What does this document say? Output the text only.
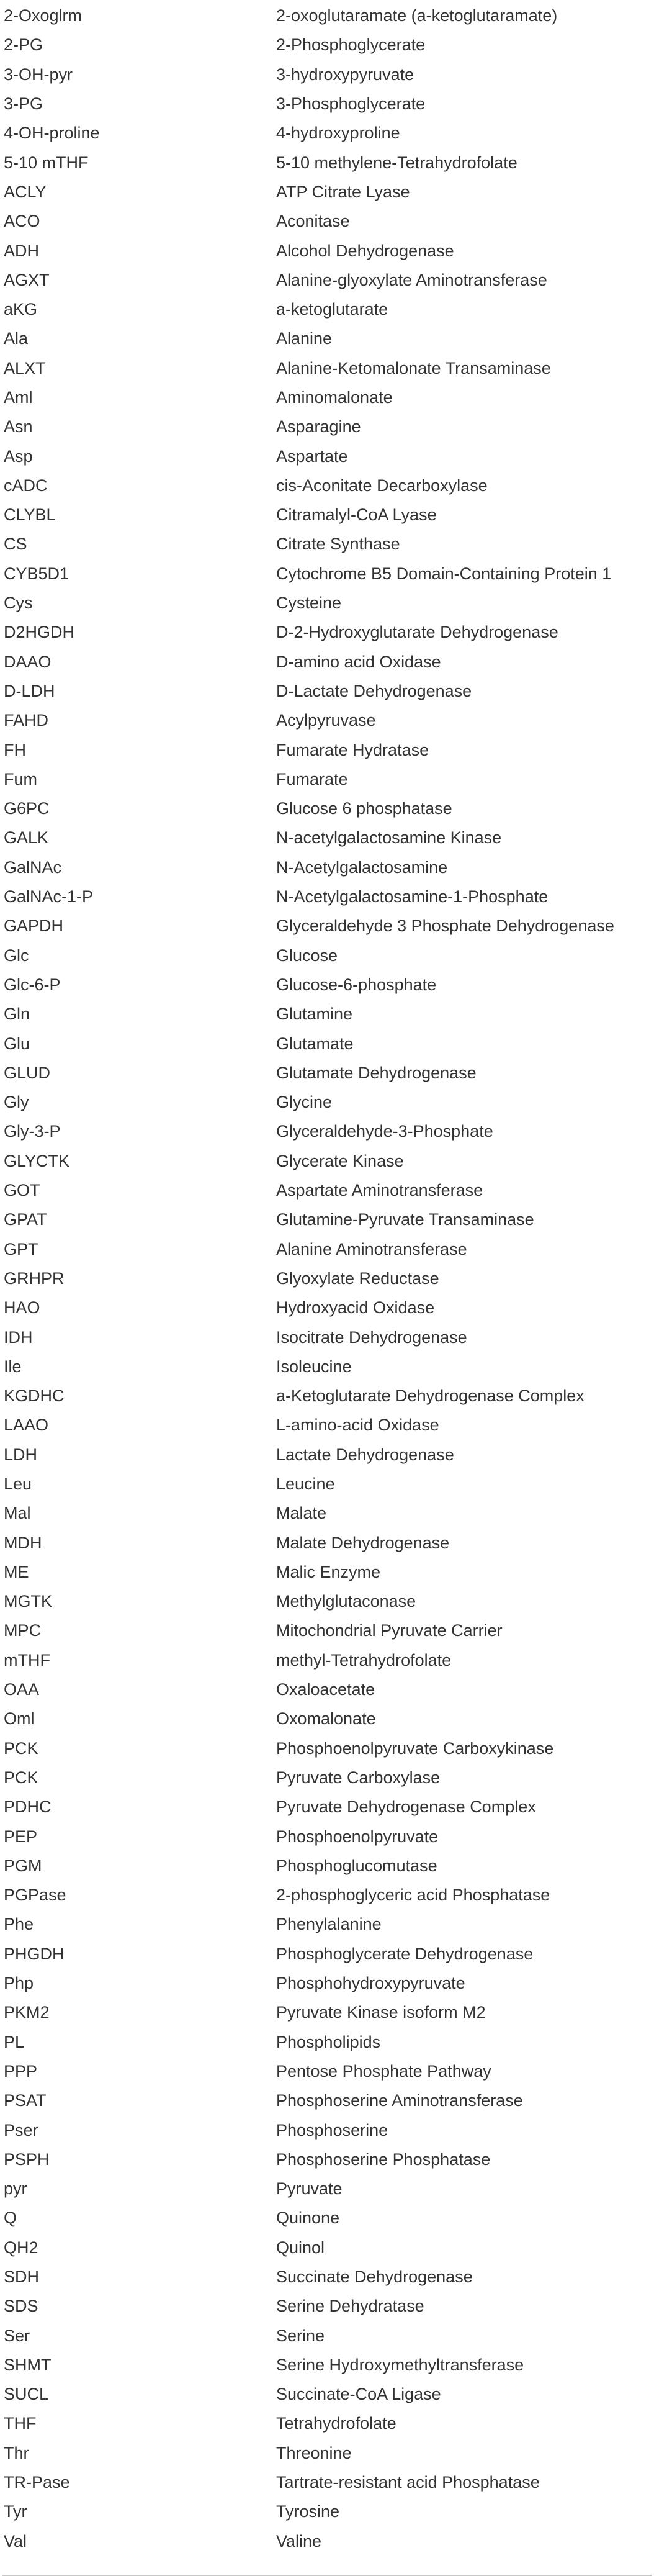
2-Oxoglrm	2-oxoglutaramate (a-ketoglutaramate)
2-PG	2-Phosphoglycerate
3-OH-pyr	3-hydroxypyruvate
3-PG	3-Phosphoglycerate
4-OH-proline	4-hydroxyproline
5-10 mTHF	5-10 methylene-Tetrahydrofolate
ACLY	ATP Citrate Lyase
ACO	Aconitase
ADH	Alcohol Dehydrogenase
AGXT	Alanine-glyoxylate Aminotransferase
aKG	a-ketoglutarate
Ala	Alanine
ALXT	Alanine-Ketomalonate Transaminase
Aml	Aminomalonate
Asn	Asparagine
Asp	Aspartate
cADC	cis-Aconitate Decarboxylase
CLYBL	Citramalyl-CoA Lyase
CS	Citrate Synthase
CYB5D1	Cytochrome B5 Domain-Containing Protein 1
Cys	Cysteine
D2HGDH	D-2-Hydroxyglutarate Dehydrogenase
DAAO	D-amino acid Oxidase
D-LDH	D-Lactate Dehydrogenase
FAHD	Acylpyruvase
FH	Fumarate Hydratase
Fum	Fumarate
G6PC	Glucose 6 phosphatase
GALK	N-acetylgalactosamine Kinase
GalNAc	N-Acetylgalactosamine
GalNAc-1-P	N-Acetylgalactosamine-1-Phosphate
GAPDH	Glyceraldehyde 3 Phosphate Dehydrogenase
Glc	Glucose
Glc-6-P	Glucose-6-phosphate
Gln	Glutamine
Glu	Glutamate
GLUD	Glutamate Dehydrogenase
Gly	Glycine
Gly-3-P	Glyceraldehyde-3-Phosphate
GLYCTK	Glycerate Kinase
GOT	Aspartate Aminotransferase
GPAT	Glutamine-Pyruvate Transaminase
GPT	Alanine Aminotransferase
GRHPR	Glyoxylate Reductase
HAO	Hydroxyacid Oxidase
IDH	Isocitrate Dehydrogenase
Ile	Isoleucine
KGDHC	a-Ketoglutarate Dehydrogenase Complex
LAAO	L-amino-acid Oxidase
LDH	Lactate Dehydrogenase
Leu	Leucine
Mal	Malate
MDH	Malate Dehydrogenase
ME	Malic Enzyme
MGTK	Methylglutaconase
MPC	Mitochondrial Pyruvate Carrier
mTHF	methyl-Tetrahydrofolate
OAA	Oxaloacetate
Oml	Oxomalonate
PCK	Phosphoenolpyruvate Carboxykinase
PCK	Pyruvate Carboxylase
PDHC	Pyruvate Dehydrogenase Complex
PEP	Phosphoenolpyruvate
PGM	Phosphoglucomutase
PGPase	2-phosphoglyceric acid Phosphatase
Phe	Phenylalanine
PHGDH	Phosphoglycerate Dehydrogenase
Php	Phosphohydroxypyruvate
PKM2	Pyruvate Kinase isoform M2
PL	Phospholipids
PPP	Pentose Phosphate Pathway
PSAT	Phosphoserine Aminotransferase
Pser	Phosphoserine
PSPH	Phosphoserine Phosphatase
pyr	Pyruvate
Q	Quinone
QH2	Quinol
SDH	Succinate Dehydrogenase
SDS	Serine Dehydratase
Ser	Serine
SHMT	Serine Hydroxymethyltransferase
SUCL	Succinate-CoA Ligase
THF	Tetrahydrofolate
Thr	Threonine
TR-Pase	Tartrate-resistant acid Phosphatase
Tyr	Tyrosine
Val	Valine
